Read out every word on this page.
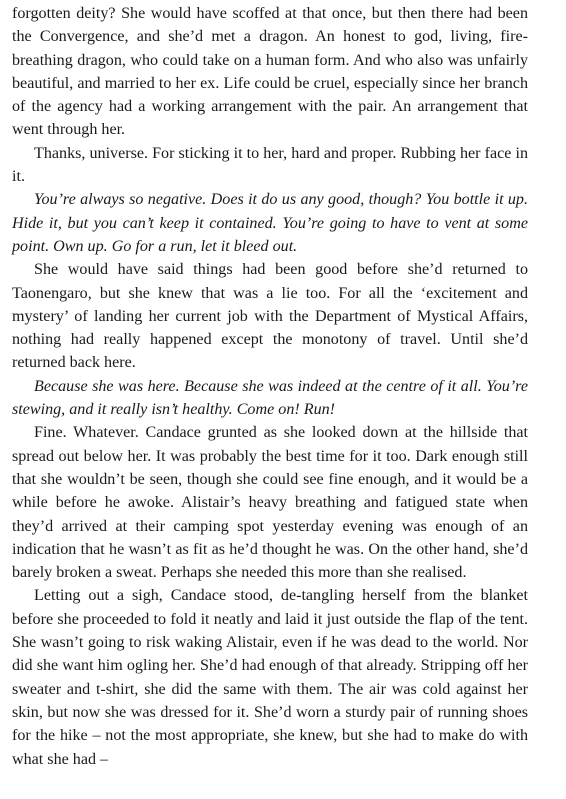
forgotten deity? She would have scoffed at that once, but then there had been the Convergence, and she’d met a dragon. An honest to god, living, fire-breathing dragon, who could take on a human form. And who also was unfairly beautiful, and married to her ex. Life could be cruel, especially since her branch of the agency had a working arrangement with the pair. An arrangement that went through her.

Thanks, universe. For sticking it to her, hard and proper. Rubbing her face in it.

You’re always so negative. Does it do us any good, though? You bottle it up. Hide it, but you can’t keep it contained. You’re going to have to vent at some point. Own up. Go for a run, let it bleed out.

She would have said things had been good before she’d returned to Taonengaro, but she knew that was a lie too. For all the ‘excitement and mystery’ of landing her current job with the Department of Mystical Affairs, nothing had really happened except the monotony of travel. Until she’d returned back here.

Because she was here. Because she was indeed at the centre of it all. You’re stewing, and it really isn’t healthy. Come on! Run!

Fine. Whatever. Candace grunted as she looked down at the hillside that spread out below her. It was probably the best time for it too. Dark enough still that she wouldn’t be seen, though she could see fine enough, and it would be a while before he awoke. Alistair’s heavy breathing and fatigued state when they’d arrived at their camping spot yesterday evening was enough of an indication that he wasn’t as fit as he’d thought he was. On the other hand, she’d barely broken a sweat. Perhaps she needed this more than she realised.

Letting out a sigh, Candace stood, de-tangling herself from the blanket before she proceeded to fold it neatly and laid it just outside the flap of the tent. She wasn’t going to risk waking Alistair, even if he was dead to the world. Nor did she want him ogling her. She’d had enough of that already. Stripping off her sweater and t-shirt, she did the same with them. The air was cold against her skin, but now she was dressed for it. She’d worn a sturdy pair of running shoes for the hike – not the most appropriate, she knew, but she had to make do with what she had –
